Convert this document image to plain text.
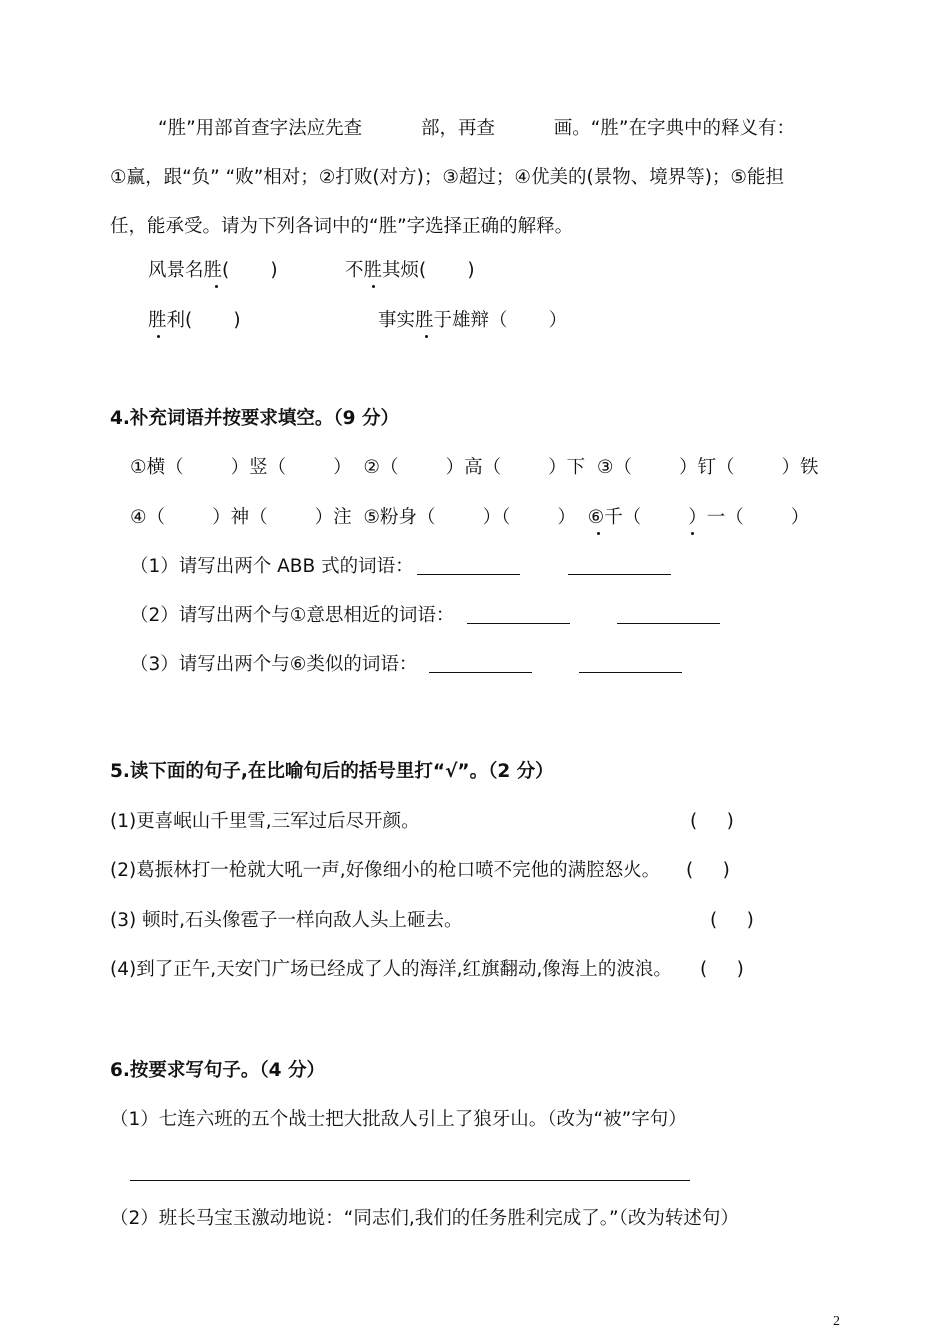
“胜”用部首查字法应先查          部，再查          画。“胜”在字典中的释义有：
①赢，跟“负” “败”相对；②打败(对方)；③超过；④优美的(景物、境界等)；⑤能担
任，能承受。请为下列各词中的“胜”字选择正确的解释。
风景名胜(       )	不胜其烦(       )
胜利(       )	事实胜于雄辩（       ）
4.补充词语并按要求填空。（9 分）
①横（        ）竖（        ）  ②（        ）高（        ）下  ③（        ）钉（        ）铁
④（        ）神（        ）注  ⑤粉身（        ）（        ）  ⑥千（        ）一（        ）
（1）请写出两个 ABB 式的词语：
（2）请写出两个与①意思相近的词语：
（3）请写出两个与⑥类似的词语：
5.读下面的句子,在比喻句后的括号里打“√”。（2 分）
(1)更喜岷山千里雪,三军过后尽开颜。	(     )
(2)葛振林打一枪就大吼一声,好像细小的枪口喷不完他的满腔怒火。 (     )
(3) 顿时,石头像雹子一样向敌人头上砸去。	(     )
(4)到了正午,天安门广场已经成了人的海洋,红旗翻动,像海上的波浪。 (     )
6.按要求写句子。（4 分）
（1）七连六班的五个战士把大批敌人引上了狼牙山。（改为“被”字句）
（2）班长马宝玉激动地说：“同志们,我们的任务胜利完成了。”（改为转述句）
2
